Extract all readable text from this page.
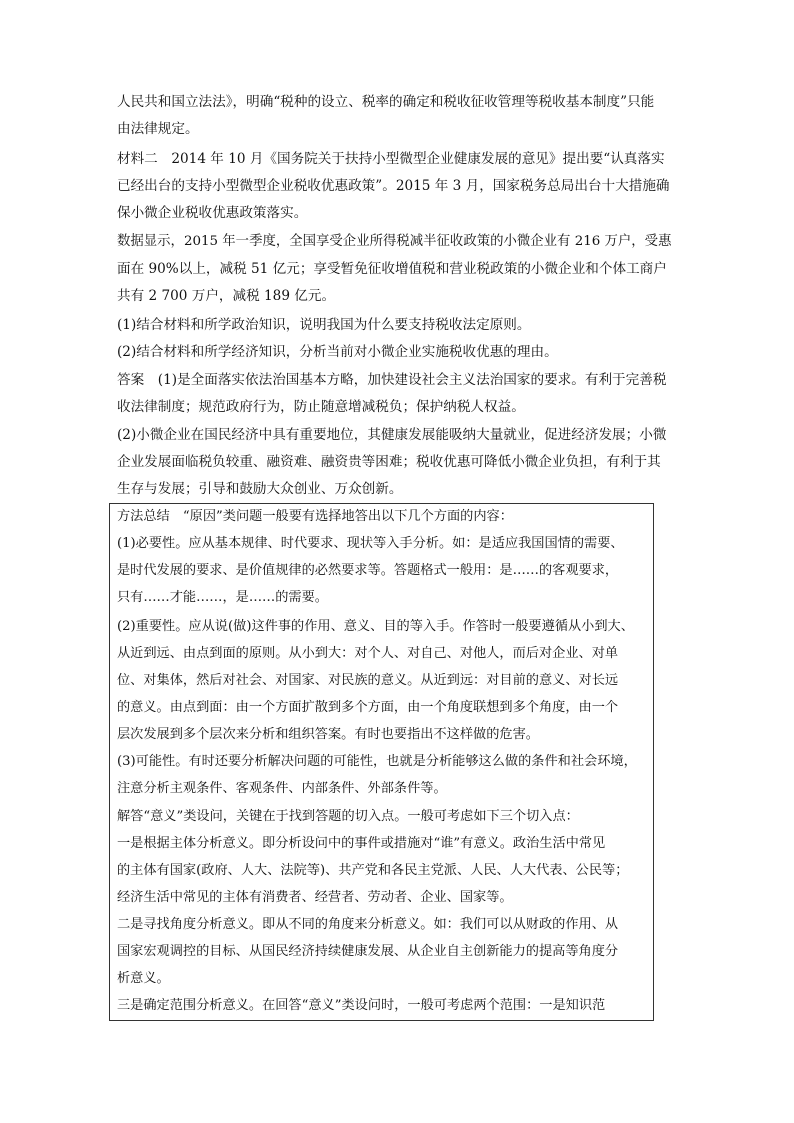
人民共和国立法法》，明确“税种的设立、税率的确定和税收征收管理等税收基本制度”只能
由法律规定。
材料二　2014 年 10 月《国务院关于扶持小型微型企业健康发展的意见》提出要“认真落实
已经出台的支持小型微型企业税收优惠政策”。2015 年 3 月，国家税务总局出台十大措施确
保小微企业税收优惠政策落实。
数据显示，2015 年一季度，全国享受企业所得税减半征收政策的小微企业有 216 万户，受惠
面在 90%以上，减税 51 亿元；享受暂免征收增值税和营业税政策的小微企业和个体工商户
共有 2 700 万户，减税 189 亿元。
(1)结合材料和所学政治知识，说明我国为什么要支持税收法定原则。
(2)结合材料和所学经济知识，分析当前对小微企业实施税收优惠的理由。
答案　(1)是全面落实依法治国基本方略，加快建设社会主义法治国家的要求。有利于完善税
收法律制度；规范政府行为，防止随意增减税负；保护纳税人权益。
(2)小微企业在国民经济中具有重要地位，其健康发展能吸纳大量就业，促进经济发展；小微
企业发展面临税负较重、融资难、融资贵等困难；税收优惠可降低小微企业负担，有利于其
生存与发展；引导和鼓励大众创业、万众创新。
方法总结　“原因”类问题一般要有选择地答出以下几个方面的内容：
(1)必要性。应从基本规律、时代要求、现状等入手分析。如：是适应我国国情的需要、
是时代发展的要求、是价值规律的必然要求等。答题格式一般用：是……的客观要求，
只有……才能……，是……的需要。
(2)重要性。应从说(做)这件事的作用、意义、目的等入手。作答时一般要遵循从小到大、
从近到远、由点到面的原则。从小到大：对个人、对自己、对他人，而后对企业、对单
位、对集体，然后对社会、对国家、对民族的意义。从近到远：对目前的意义、对长远
的意义。由点到面：由一个方面扩散到多个方面，由一个角度联想到多个角度，由一个
层次发展到多个层次来分析和组织答案。有时也要指出不这样做的危害。
(3)可能性。有时还要分析解决问题的可能性，也就是分析能够这么做的条件和社会环境，
注意分析主观条件、客观条件、内部条件、外部条件等。
解答“意义”类设问，关键在于找到答题的切入点。一般可考虑如下三个切入点：
一是根据主体分析意义。即分析设问中的事件或措施对“谁”有意义。政治生活中常见
的主体有国家(政府、人大、法院等)、共产党和各民主党派、人民、人大代表、公民等；
经济生活中常见的主体有消费者、经营者、劳动者、企业、国家等。
二是寻找角度分析意义。即从不同的角度来分析意义。如：我们可以从财政的作用、从
国家宏观调控的目标、从国民经济持续健康发展、从企业自主创新能力的提高等角度分
析意义。
三是确定范围分析意义。在回答“意义”类设问时，一般可考虑两个范围：一是知识范
